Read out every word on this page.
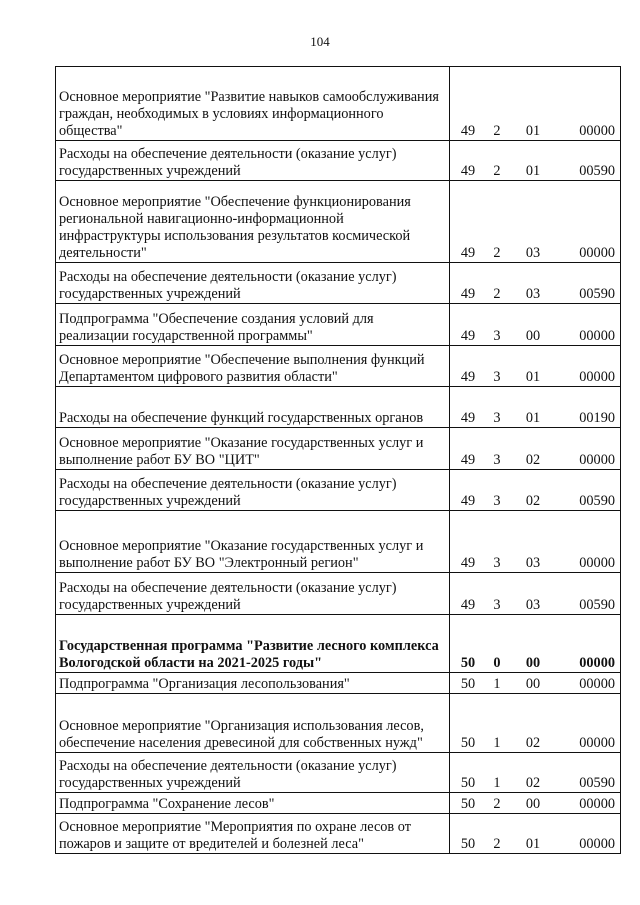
104
Основное мероприятие "Развитие навыков самообслуживания граждан, необходимых в условиях информационного общества"	49 2 01 00000

Расходы на обеспечение деятельности (оказание услуг) государственных учреждений	49 2 01 00590

Основное мероприятие "Обеспечение функционирования региональной навигационно-информационной инфраструктуры использования результатов космической деятельности"	49 2 03 00000

Расходы на обеспечение деятельности (оказание услуг) государственных учреждений	49 2 03 00590

Подпрограмма "Обеспечение создания условий для реализации государственной программы"	49 3 00 00000

Основное мероприятие "Обеспечение выполнения функций Департаментом цифрового развития области"	49 3 01 00000

Расходы на обеспечение функций государственных органов	49 3 01 00190

Основное мероприятие "Оказание государственных услуг и выполнение работ БУ ВО "ЦИТ"	49 3 02 00000

Расходы на обеспечение деятельности (оказание услуг) государственных учреждений	49 3 02 00590

Основное мероприятие "Оказание государственных услуг и выполнение работ БУ ВО "Электронный регион"	49 3 03 00000

Расходы на обеспечение деятельности (оказание услуг) государственных учреждений	49 3 03 00590

Государственная программа "Развитие лесного комплекса Вологодской области на 2021-2025 годы"	50 0 00 00000

Подпрограмма "Организация лесопользования"	50 1 00 00000

Основное мероприятие "Организация использования лесов, обеспечение населения древесиной для собственных нужд"	50 1 02 00000

Расходы на обеспечение деятельности (оказание услуг) государственных учреждений	50 1 02 00590

Подпрограмма "Сохранение лесов"	50 2 00 00000

Основное мероприятие "Мероприятия по охране лесов от пожаров и защите от вредителей и болезней леса"	50 2 01 00000
